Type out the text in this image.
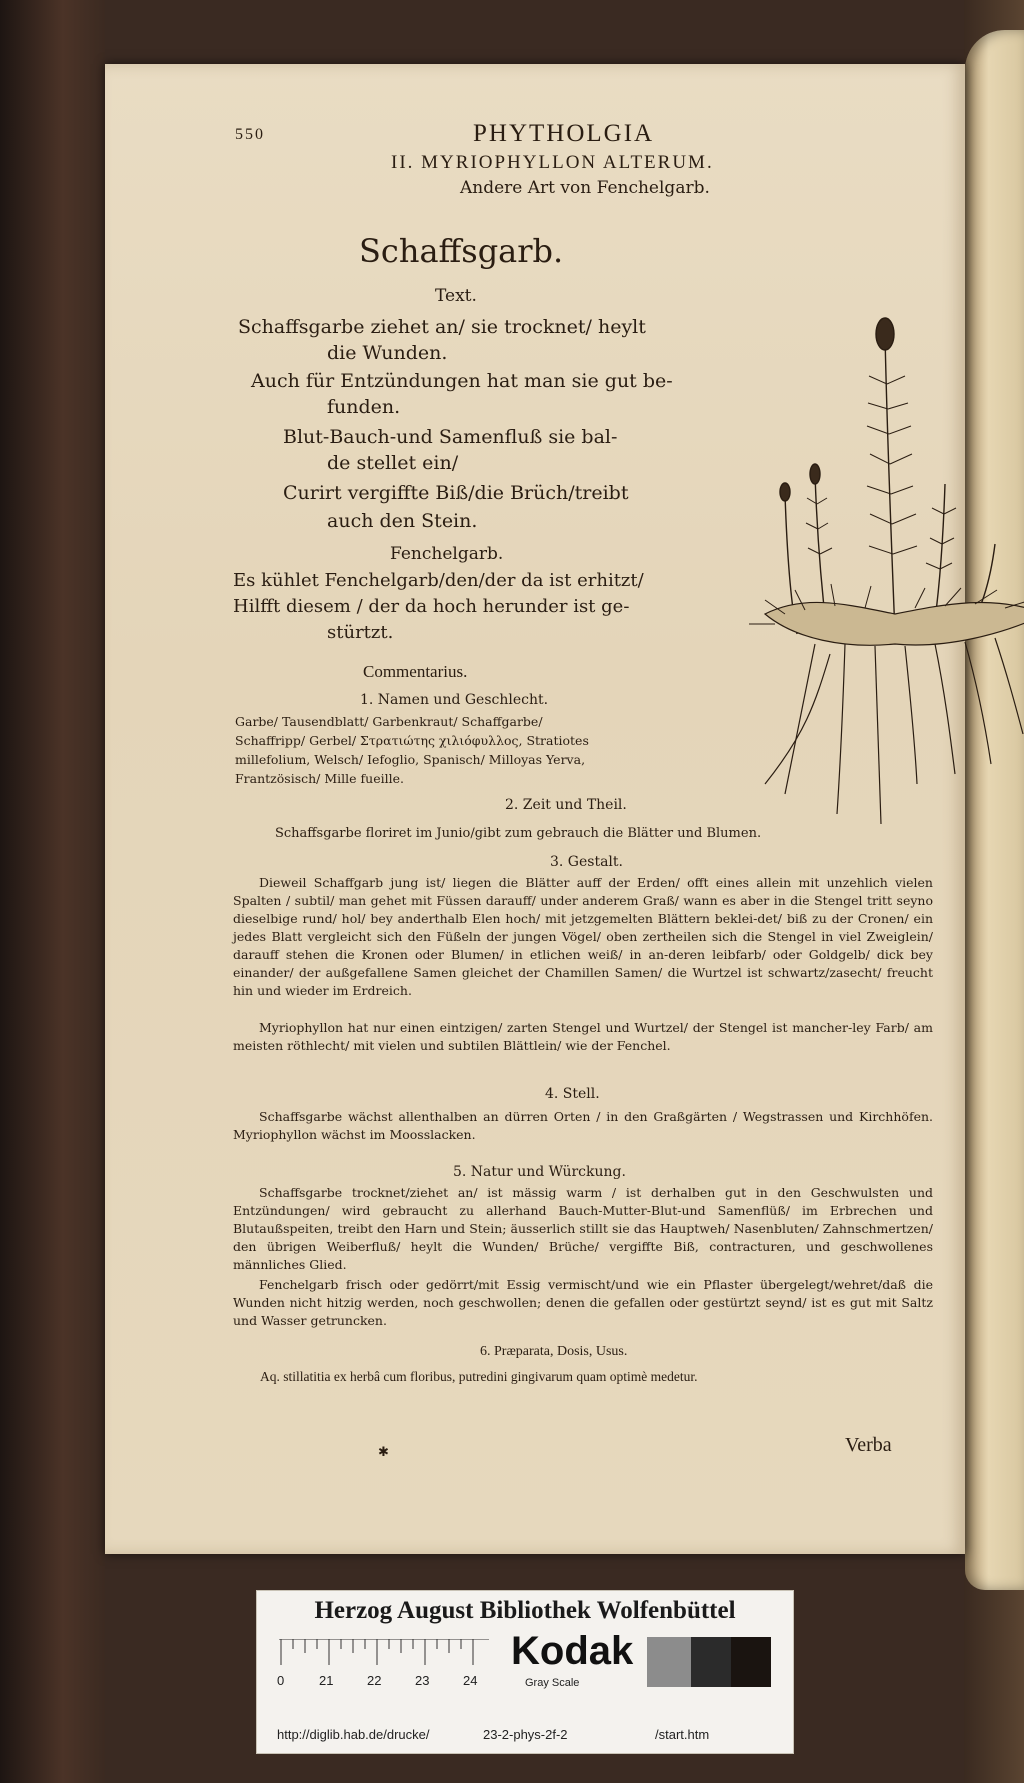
550	PHYTHOLGIA
II. MYRIOPHYLLON ALTERUM.
Andere Art von Fenchelgarb.
Schaffsgarb.
Text.
Schaffsgarbe ziehet an/ sie trocknet/ heylt
die Wunden.
Auch für Entzündungen hat man sie gut be-
funden.
Blut-Bauch-und Samenfluß sie bal-
de stellet ein/
Curirt vergiffte Biß/die Brüch/treibt
auch den Stein.
Fenchelgarb.
Es kühlet Fenchelgarb/den/der da ist erhitzt/
Hilfft diesem / der da hoch herunder ist ge-
stürtzt.
Commentarius.
1. Namen und Geschlecht.
Garbe/ Tausendblatt/ Garbenkraut/ Schaffgarbe/
Schaffripp/ Gerbel/ Στρατιώτης χιλιόφυλλος, Stratiotes
millefolium, Welsch/ Iefoglio, Spanisch/ Milloyas Yerva,
Frantzösisch/ Mille fueille.
2. Zeit und Theil.
Schaffsgarbe floriret im Junio/gibt zum gebrauch die Blätter und Blumen.
3. Gestalt.
Dieweil Schaffgarb jung ist/ liegen die Blätter auff der Erden/ offt eines allein mit unzehlich vielen Spalten / subtil/ man gehet mit Füssen darauff/ under anderem Graß/ wann es aber in die Stengel tritt seyno dieselbige rund/ hol/ bey anderthalb Elen hoch/ mit jetzgemelten Blättern beklei-det/ biß zu der Cronen/ ein jedes Blatt vergleicht sich den Füßeln der jungen Vögel/ oben zertheilen sich die Stengel in viel Zweiglein/ darauff stehen die Kronen oder Blumen/ in etlichen weiß/ in an-deren leibfarb/ oder Goldgelb/ dick bey einander/ der außgefallene Samen gleichet der Chamillen Samen/ die Wurtzel ist schwartz/zasecht/ freucht hin und wieder im Erdreich.
Myriophyllon hat nur einen eintzigen/ zarten Stengel und Wurtzel/ der Stengel ist mancher-ley Farb/ am meisten röthlecht/ mit vielen und subtilen Blättlein/ wie der Fenchel.
4. Stell.
Schaffsgarbe wächst allenthalben an dürren Orten / in den Graßgärten / Wegstrassen und Kirchhöfen. Myriophyllon wächst im Moosslacken.
5. Natur und Würckung.
Schaffsgarbe trocknet/ziehet an/ ist mässig warm / ist derhalben gut in den Geschwulsten und Entzündungen/ wird gebraucht zu allerhand Bauch-Mutter-Blut-und Samenflüß/ im Erbrechen und Blutaußspeiten, treibt den Harn und Stein; äusserlich stillt sie das Hauptweh/ Nasenbluten/ Zahnschmertzen/ den übrigen Weiberfluß/ heylt die Wunden/ Brüche/ vergiffte Biß, contracturen, und geschwollenes männliches Glied.
Fenchelgarb frisch oder gedörrt/mit Essig vermischt/und wie ein Pflaster übergelegt/wehret/daß die Wunden nicht hitzig werden, noch geschwollen; denen die gefallen oder gestürtzt seynd/ ist es gut mit Saltz und Wasser getruncken.
6. Præparata, Dosis, Usus.
Aq. stillatitia ex herbâ cum floribus, putredini gingivarum quam optimè medetur.
✱	Verba
Herzog August Bibliothek Wolfenbüttel
0	21	22	23	24
Kodak
Gray Scale
http://diglib.hab.de/drucke/	23-2-phys-2f-2	/start.htm
